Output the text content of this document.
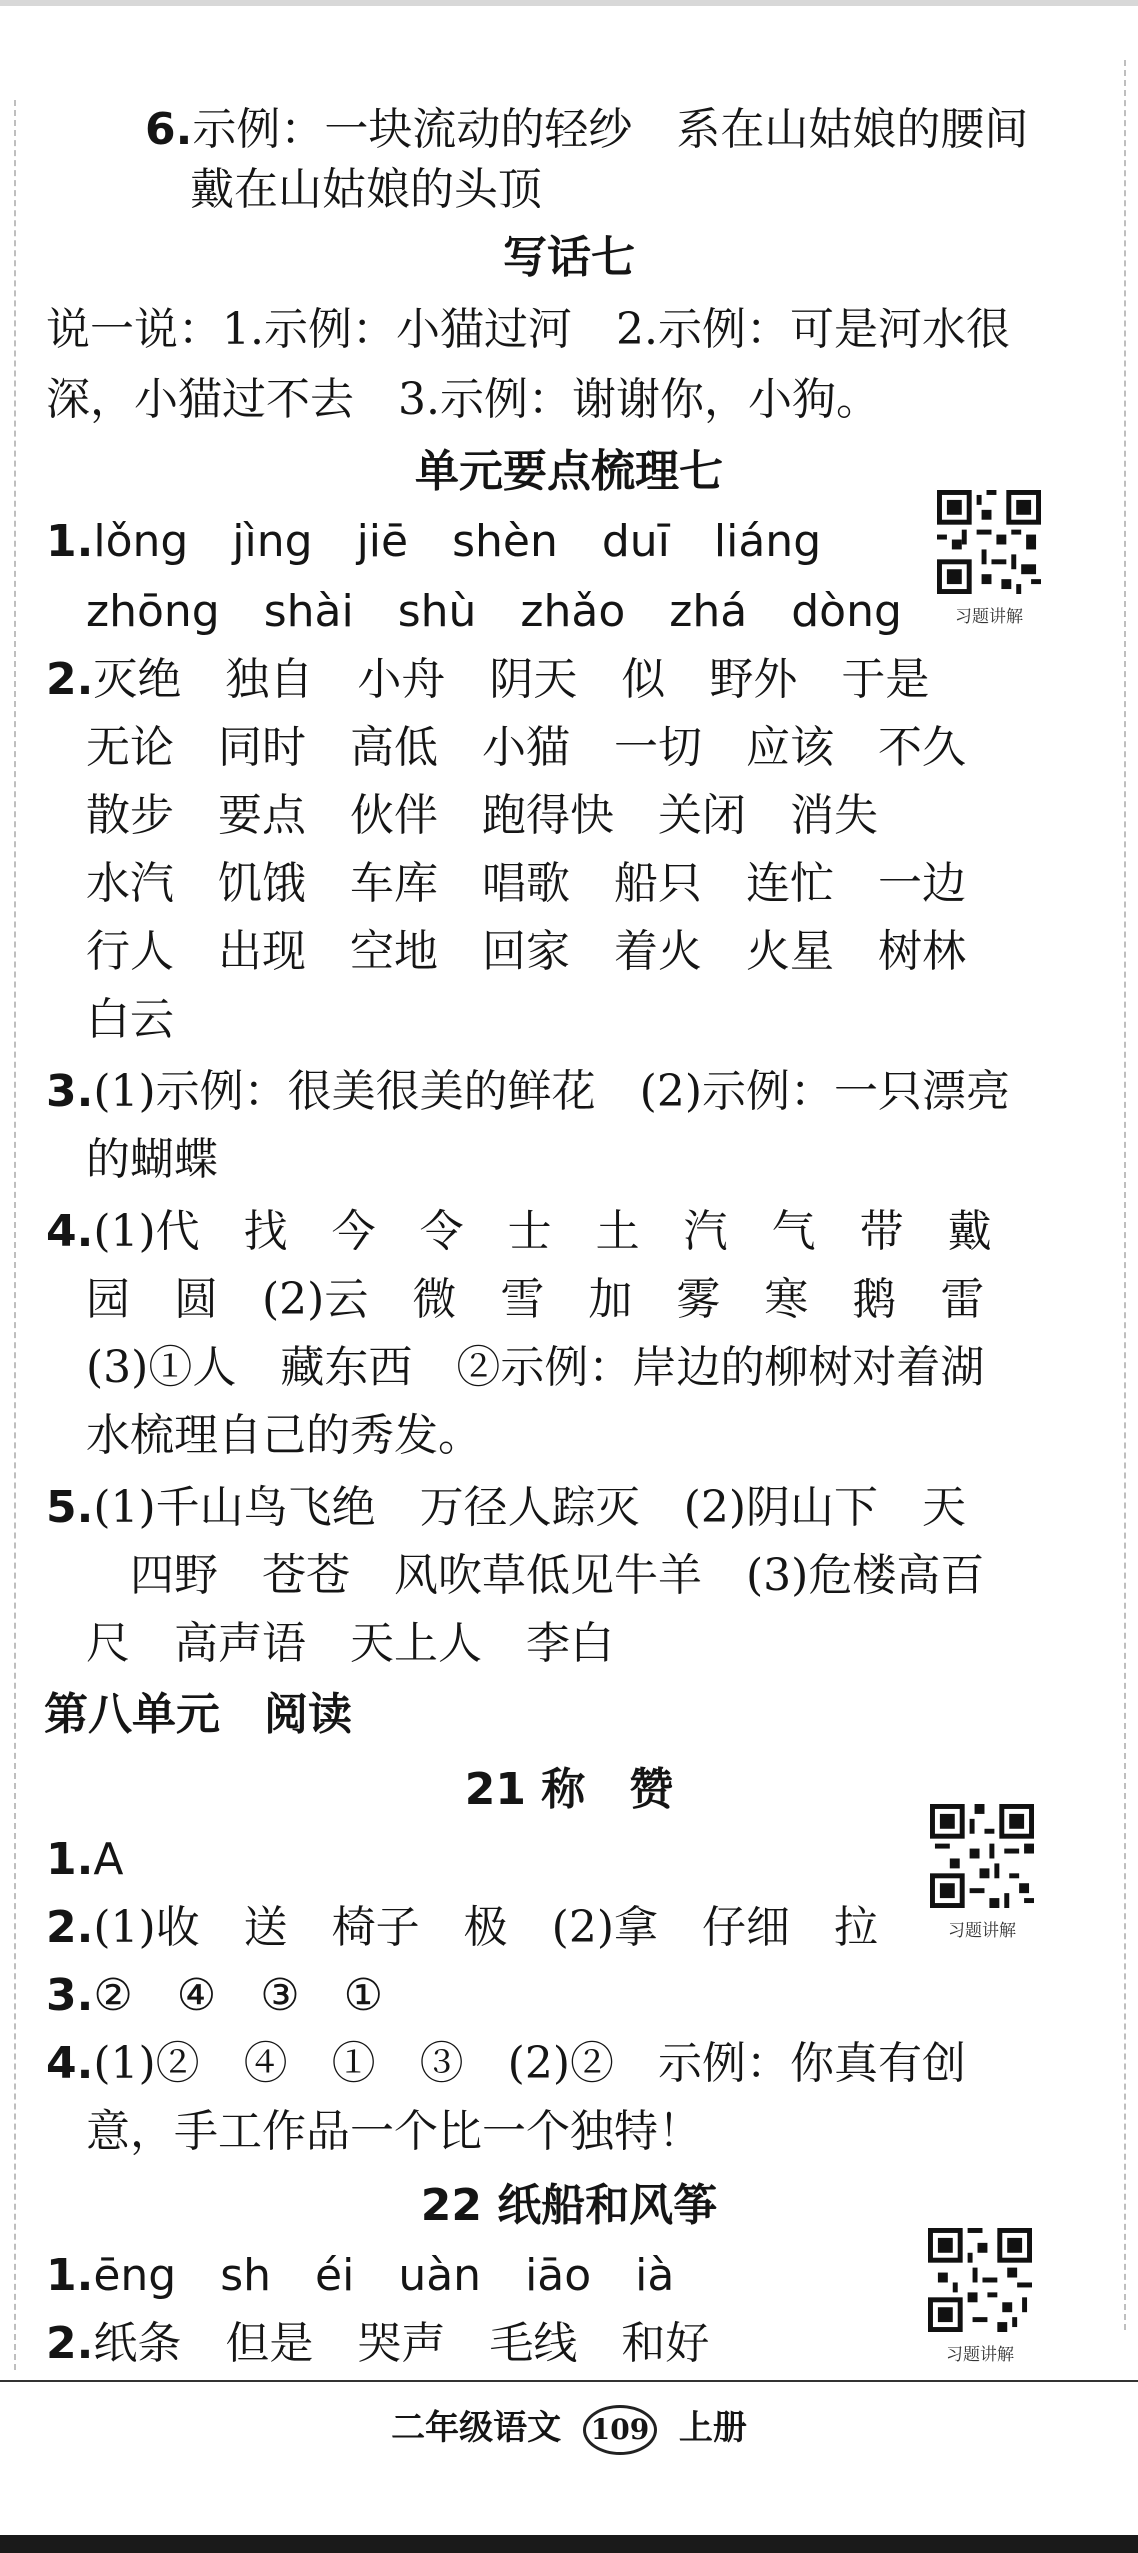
6.示例：一块流动的轻纱　系在山姑娘的腰间
戴在山姑娘的头顶
写话七
说一说：1.示例：小猫过河　2.示例：可是河水很
深，小猫过不去　3.示例：谢谢你，小狗。
单元要点梳理七
1.lǒng　jìng　jiē　shèn　duī　liáng
zhōng　shài　shù　zhǎo　zhá　dòng	习题讲解
2.灭绝　独自　小舟　阴天　似　野外　于是
无论　同时　高低　小猫　一切　应该　不久
散步　要点　伙伴　跑得快　关闭　消失
水汽　饥饿　车库　唱歌　船只　连忙　一边
行人　出现　空地　回家　着火　火星　树林
白云
3.(1)示例：很美很美的鲜花　(2)示例：一只漂亮
的蝴蝶
4.(1)代　找　今　令　士　土　汽　气　带　戴
园　圆　(2)云　微　雪　加　雾　寒　鹅　雷
(3)①人　藏东西　②示例：岸边的柳树对着湖
水梳理自己的秀发。
5.(1)千山鸟飞绝　万径人踪灭　(2)阴山下　天
四野　苍苍　风吹草低见牛羊　(3)危楼高百
尺　高声语　天上人　李白
第八单元　阅读
21 称　赞
习题讲解
1.A
2.(1)收　送　椅子　极　(2)拿　仔细　拉
3.②　④　③　①
4.(1)②　④　①　③　(2)②　示例：你真有创
意，手工作品一个比一个独特！
22 纸船和风筝
习题讲解
1.ēng　sh　éi　uàn　iāo　ià
2.纸条　但是　哭声　毛线　和好
二年级语文 109 上册
